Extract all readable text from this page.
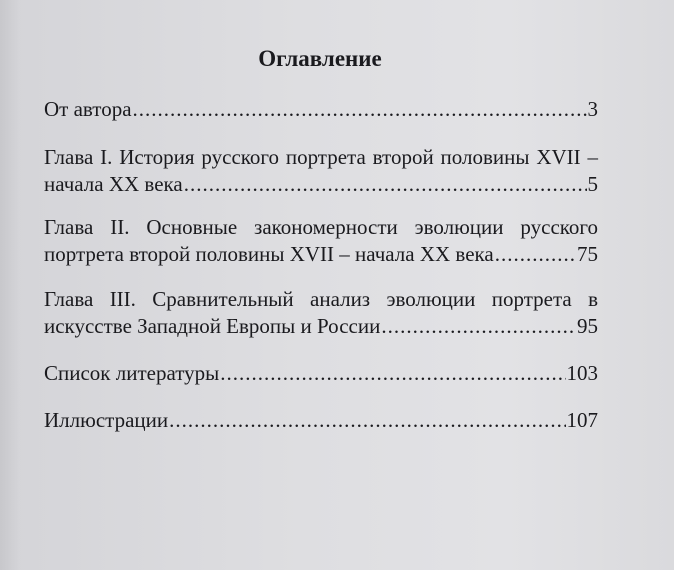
Оглавление
От автора .....	3
Глава I. История русского портрета второй половины XVII –
начала XX века .....	5
Глава II. Основные закономерности эволюции русского
портрета второй половины XVII – начала XX века .....	75
Глава III. Сравнительный анализ эволюции портрета в
искусстве Западной Европы и России .....	95
Список литературы .....	103
Иллюстрации .....	107
